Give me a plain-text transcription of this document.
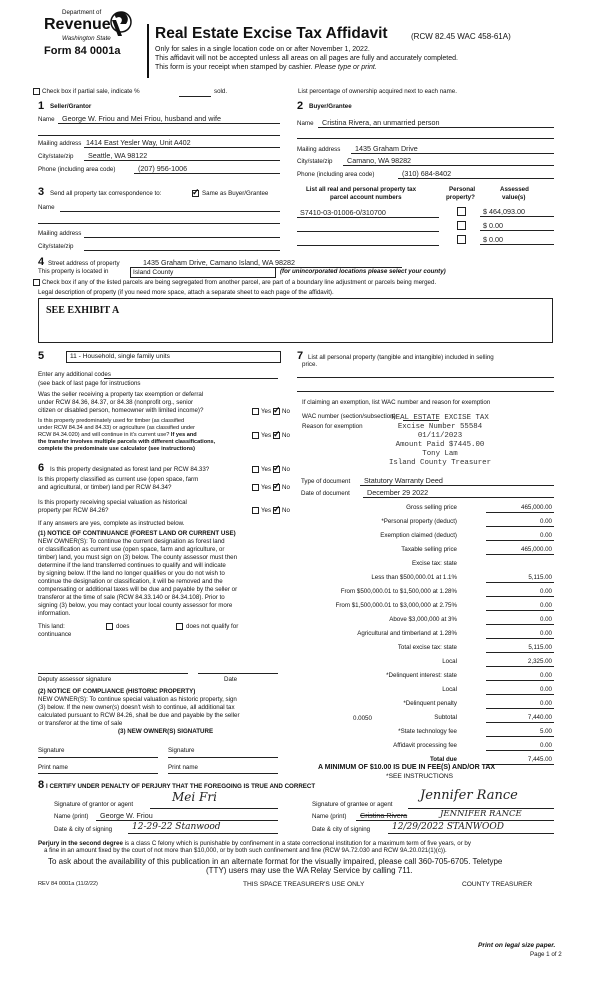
Department of
Revenue
Washington State
Form 84 0001a
Real Estate Excise Tax Affidavit	(RCW 82.45 WAC 458-61A)
Only for sales in a single location code on or after November 1, 2022.
This affidavit will not be accepted unless all areas on all pages are fully and accurately completed.
This form is your receipt when stamped by cashier. Please type or print.
Check box if partial sale, indicate %	sold.	List percentage of ownership acquired next to each name.
1 Seller/Grantor
Name George W. Friou and Mei Friou, husband and wife
Mailing address 1414 East Yesler Way, Unit A402
City/state/zip Seattle, WA 98122
Phone (including area code)	(207) 956-1006
2 Buyer/Grantee
Name Cristina Rivera, an unmarried person
Mailing address 1435 Graham Drive
City/state/zip Camano, WA 98282
Phone (including area code)	(310) 684-8402
3 Send all property tax correspondence to: ✓	Same as Buyer/Grantee
Name
Mailing address
City/state/zip
List all real and personal property tax
parcel account numbers
Personal
property?
Assessed
value(s)
S7410-03-01006-0/310700	$ 464,093.00
$ 0.00
$ 0.00
4 Street address of property	1435 Graham Drive, Camano Island, WA 98282
This property is located in	Island County	(for unincorporated locations please select your county)
Check box if any of the listed parcels are being segregated from another parcel, are part of a boundary line adjustment or parcels being merged.
Legal description of property (if you need more space, attach a separate sheet to each page of the affidavit).
SEE EXHIBIT A
5	11 - Household, single family units
Enter any additional codes
(see back of last page for instructions
Was the seller receiving a property tax exemption or deferral
under RCW 84.36, 84.37, or 84.38 (nonprofit org., senior
citizen or disabled person, homeowner with limited income)?	Yes ✓ No
Is this property predominately used for timber (as classified
under RCW 84.34 and 84.33) or agriculture (as classified under
RCW 84.34.020) and will continue in it's current use? If yes and	Yes ✓ No
the transfer involves multiple parcels with different classifications,
complete the predominate use calculator (see instructions)
6 Is this property designated as forest land per RCW 84.33?	Yes ✓ No
Is this property classified as current use (open space, farm
and agricultural, or timber) land per RCW 84.34?	Yes ✓ No
Is this property receiving special valuation as historical
property per RCW 84.26?	Yes ✓ No
If any answers are yes, complete as instructed below.
(1) NOTICE OF CONTINUANCE (FOREST LAND OR CURRENT USE)
NEW OWNER(S): To continue the current designation as forest land
or classification as current use (open space, farm and agriculture, or
timber) land, you must sign on (3) below. The county assessor must then
determine if the land transferred continues to qualify and will indicate
by signing below. If the land no longer qualifies or you do not wish to
continue the designation or classification, it will be removed and the
compensating or additional taxes will be due and payable by the seller or
transferor at the time of sale (RCW 84.33.140 or 84.34.108). Prior to
signing (3) below, you may contact your local county assessor for more
information.
This land:	does	does not qualify for
continuance
Deputy assessor signature	Date
(2) NOTICE OF COMPLIANCE (HISTORIC PROPERTY)
NEW OWNER(S): To continue special valuation as historic property, sign
(3) below. If the new owner(s) doesn't wish to continue, all additional tax
calculated pursuant to RCW 84.26, shall be due and payable by the seller
or transferor at the time of sale
(3) NEW OWNER(S) SIGNATURE
Signature	Signature
Print name	Print name
7 List all personal property (tangible and intangible) included in selling
price.
If claiming an exemption, list WAC number and reason for exemption
WAC number (section/subsection)
Reason for exemption
REAL ESTATE EXCISE TAX
Excise Number 55584
01/11/2023
Amount Paid $7445.00
Tony Lam
Island County Treasurer
Type of document Statutory Warranty Deed
Date of document December 29 2022
Gross selling price	465,000.00
*Personal property (deduct)	0.00
Exemption claimed (deduct)	0.00
Taxable selling price	465,000.00
Excise tax: state
Less than $500,000.01 at 1.1%	5,115.00
From $500,000.01 to $1,500,000 at 1.28%	0.00
From $1,500,000.01 to $3,000,000 at 2.75%	0.00
Above $3,000,000 at 3%	0.00
Agricultural and timberland at 1.28%	0.00
Total excise tax: state	5,115.00
Local	2,325.00
*Delinquent interest: state	0.00
Local	0.00
*Delinquent penalty	0.00
Subtotal	7,440.00
*State technology fee	5.00
Affidavit processing fee	0.00
Total due	7,445.00
0.0050
A MINIMUM OF $10.00 IS DUE IN FEE(S) AND/OR TAX
*SEE INSTRUCTIONS
8 I CERTIFY UNDER PENALTY OF PERJURY THAT THE FOREGOING IS TRUE AND CORRECT
Signature of grantor or agent
Mei Fri
Name (print) George W. Friou
Date & city of signing 12-29-22 Stanwood
Signature of grantee or agent
Jennifer Rance
Name (print) Cristina Rivera	JENNIFER RANCE
Date & city of signing 12/29/2022 STANWOOD
Perjury in the second degree is a class C felony which is punishable by confinement in a state correctional institution for a maximum term of five years, or by
a fine in an amount fixed by the court of not more than $10,000, or by both such confinement and fine (RCW 9A.72.030 and RCW 9A.20.021(1)(c)).
To ask about the availability of this publication in an alternate format for the visually impaired, please call 360-705-6705. Teletype
(TTY) users may use the WA Relay Service by calling 711.
REV 84 0001a (11/2/22)	THIS SPACE TREASURER'S USE ONLY	COUNTY TREASURER
Print on legal size paper.
Page 1 of 2
